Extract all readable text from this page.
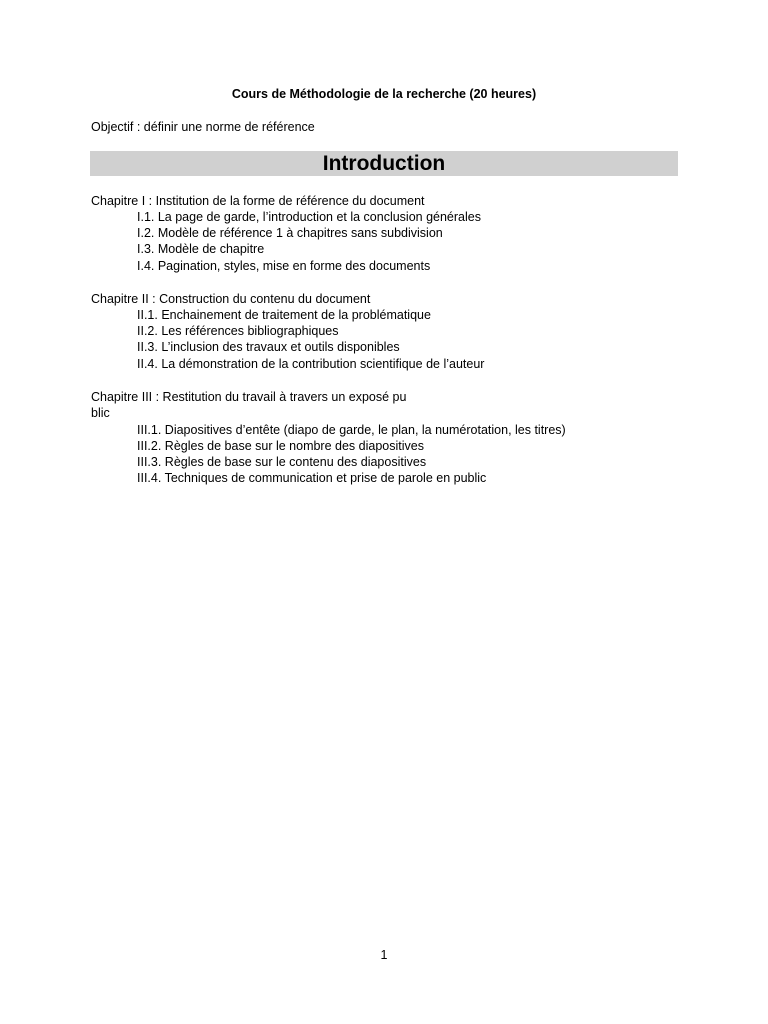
Cours de Méthodologie de la recherche (20 heures)
Objectif : définir une norme de référence
Introduction
Chapitre I : Institution de la forme de référence du document
I.1. La page de garde, l’introduction et la conclusion générales
I.2. Modèle de référence 1 à chapitres sans subdivision
I.3. Modèle de chapitre
I.4. Pagination, styles, mise en forme des documents
Chapitre II : Construction du contenu du document
II.1. Enchainement de traitement de la problématique
II.2. Les références bibliographiques
II.3. L’inclusion des travaux et outils disponibles
II.4. La démonstration de la contribution scientifique de l’auteur
Chapitre III : Restitution du travail à travers un exposé pu
blic
III.1. Diapositives d’entête (diapo de garde, le plan, la numérotation, les titres)
III.2. Règles de base sur le nombre des diapositives
III.3. Règles de base sur le contenu des diapositives
III.4. Techniques de communication et prise de parole en public
1
